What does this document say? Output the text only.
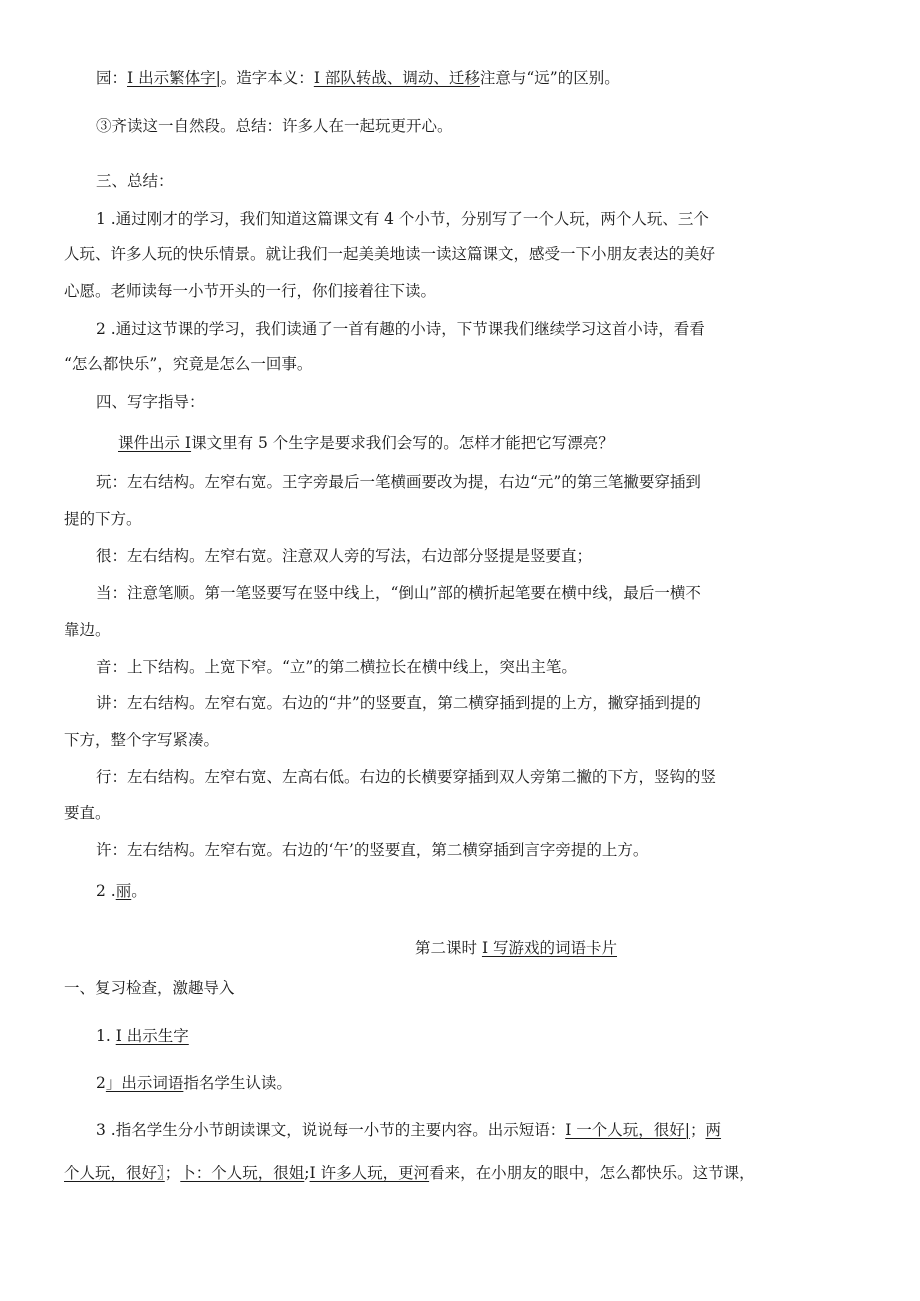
园：I 出示繁体字|。造字本义：I 部队转战、调动、迁移注意与“远”的区别。
③齐读这一自然段。总结：许多人在一起玩更开心。
三、总结：
1 .通过刚才的学习，我们知道这篇课文有 4 个小节，分别写了一个人玩，两个人玩、三个
人玩、许多人玩的快乐情景。就让我们一起美美地读一读这篇课文，感受一下小朋友表达的美好
心愿。老师读每一小节开头的一行，你们接着往下读。
2 .通过这节课的学习，我们读通了一首有趣的小诗，下节课我们继续学习这首小诗，看看
“怎么都快乐”，究竟是怎么一回事。
四、写字指导：
课件出示 I课文里有 5 个生字是要求我们会写的。怎样才能把它写漂亮？
玩：左右结构。左窄右宽。王字旁最后一笔横画要改为提，右边“元”的第三笔撇要穿插到
提的下方。
很：左右结构。左窄右宽。注意双人旁的写法，右边部分竖提是竖要直；
当：注意笔顺。第一笔竖要写在竖中线上，“倒山”部的横折起笔要在横中线，最后一横不
靠边。
音：上下结构。上宽下窄。“立”的第二横拉长在横中线上，突出主笔。
讲：左右结构。左窄右宽。右边的“井”的竖要直，第二横穿插到提的上方，撇穿插到提的
下方，整个字写紧凑。
行：左右结构。左窄右宽、左高右低。右边的长横要穿插到双人旁第二撇的下方，竖钩的竖
要直。
许：左右结构。左窄右宽。右边的‘午’的竖要直，第二横穿插到言字旁提的上方。
2 .丽。
第二课时 I 写游戏的词语卡片
一、复习检查，激趣导入
1. I 出示生字
2」出示词语指名学生认读。
3 .指名学生分小节朗读课文，说说每一小节的主要内容。出示短语：I 一个人玩，很好|；两
个人玩，很好〗；卜：个人玩，很姐;I 许多人玩，更河看来，在小朋友的眼中，怎么都快乐。这节课，
